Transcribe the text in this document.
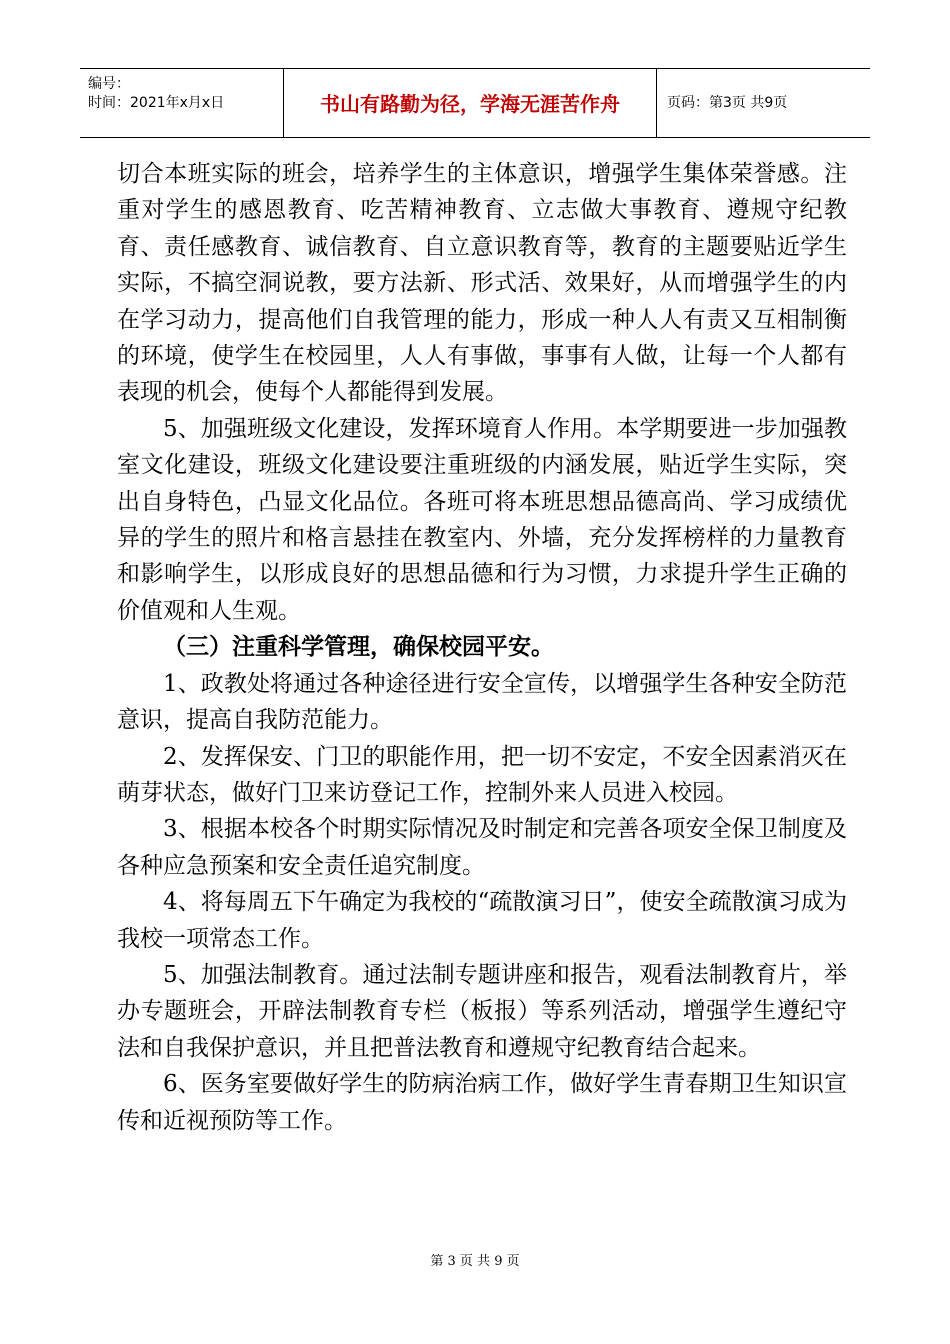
编号：
时间：2021年x月x日	书山有路勤为径，学海无涯苦作舟	页码：第3页 共9页

切合本班实际的班会，培养学生的主体意识，增强学生集体荣誉感。注重对学生的感恩教育、吃苦精神教育、立志做大事教育、遵规守纪教育、责任感教育、诚信教育、自立意识教育等，教育的主题要贴近学生实际，不搞空洞说教，要方法新、形式活、效果好，从而增强学生的内在学习动力，提高他们自我管理的能力，形成一种人人有责又互相制衡的环境，使学生在校园里，人人有事做，事事有人做，让每一个人都有表现的机会，使每个人都能得到发展。

5、加强班级文化建设，发挥环境育人作用。本学期要进一步加强教室文化建设，班级文化建设要注重班级的内涵发展，贴近学生实际，突出自身特色，凸显文化品位。各班可将本班思想品德高尚、学习成绩优异的学生的照片和格言悬挂在教室内、外墙，充分发挥榜样的力量教育和影响学生，以形成良好的思想品德和行为习惯，力求提升学生正确的价值观和人生观。

（三）注重科学管理，确保校园平安。

1、政教处将通过各种途径进行安全宣传，以增强学生各种安全防范意识，提高自我防范能力。

2、发挥保安、门卫的职能作用，把一切不安定，不安全因素消灭在萌芽状态，做好门卫来访登记工作，控制外来人员进入校园。

3、根据本校各个时期实际情况及时制定和完善各项安全保卫制度及各种应急预案和安全责任追究制度。

4、将每周五下午确定为我校的“疏散演习日”，使安全疏散演习成为我校一项常态工作。

5、加强法制教育。通过法制专题讲座和报告，观看法制教育片，举办专题班会，开辟法制教育专栏（板报）等系列活动，增强学生遵纪守法和自我保护意识，并且把普法教育和遵规守纪教育结合起来。

6、医务室要做好学生的防病治病工作，做好学生青春期卫生知识宣传和近视预防等工作。

第 3 页 共 9 页
